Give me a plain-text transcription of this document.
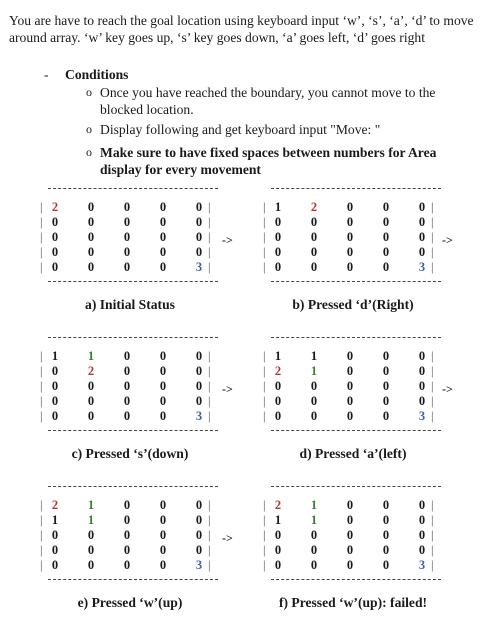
You are have to reach the goal location using keyboard input ‘w’, ‘s’, ‘a’, ‘d’ to move around array. ‘w’ key goes up, ‘s’ key goes down, ‘a’ goes left, ‘d’ goes right
- Conditions
o Once you have reached the boundary, you cannot move to the
blocked location.
o Display following and get keyboard input "Move: "
o Make sure to have fixed spaces between numbers for Area
display for every movement
| 2	0	0	0	0 |
| 0	0	0	0	0 |
| 0	0	0	0	0 |
| 0	0	0	0	0 |
| 0	0	0	0	3 |
a) Initial Status
| 1	2	0	0	0 |
| 0	0	0	0	0 |
| 0	0	0	0	0 |
| 0	0	0	0	0 |
| 0	0	0	0	3 |
b) Pressed ‘d’(Right)
| 1	1	0	0	0 |
| 0	2	0	0	0 |
| 0	0	0	0	0 |
| 0	0	0	0	0 |
| 0	0	0	0	3 |
c) Pressed ‘s’(down)
| 1	1	0	0	0 |
| 2	1	0	0	0 |
| 0	0	0	0	0 |
| 0	0	0	0	0 |
| 0	0	0	0	3 |
d) Pressed ‘a’(left)
| 2	1	0	0	0 |
| 1	1	0	0	0 |
| 0	0	0	0	0 |
| 0	0	0	0	0 |
| 0	0	0	0	3 |
e) Pressed ‘w’(up)
| 2	1	0	0	0 |
| 1	1	0	0	0 |
| 0	0	0	0	0 |
| 0	0	0	0	0 |
| 0	0	0	0	3 |
f) Pressed ‘w’(up): failed!
->	->
->	->
->
